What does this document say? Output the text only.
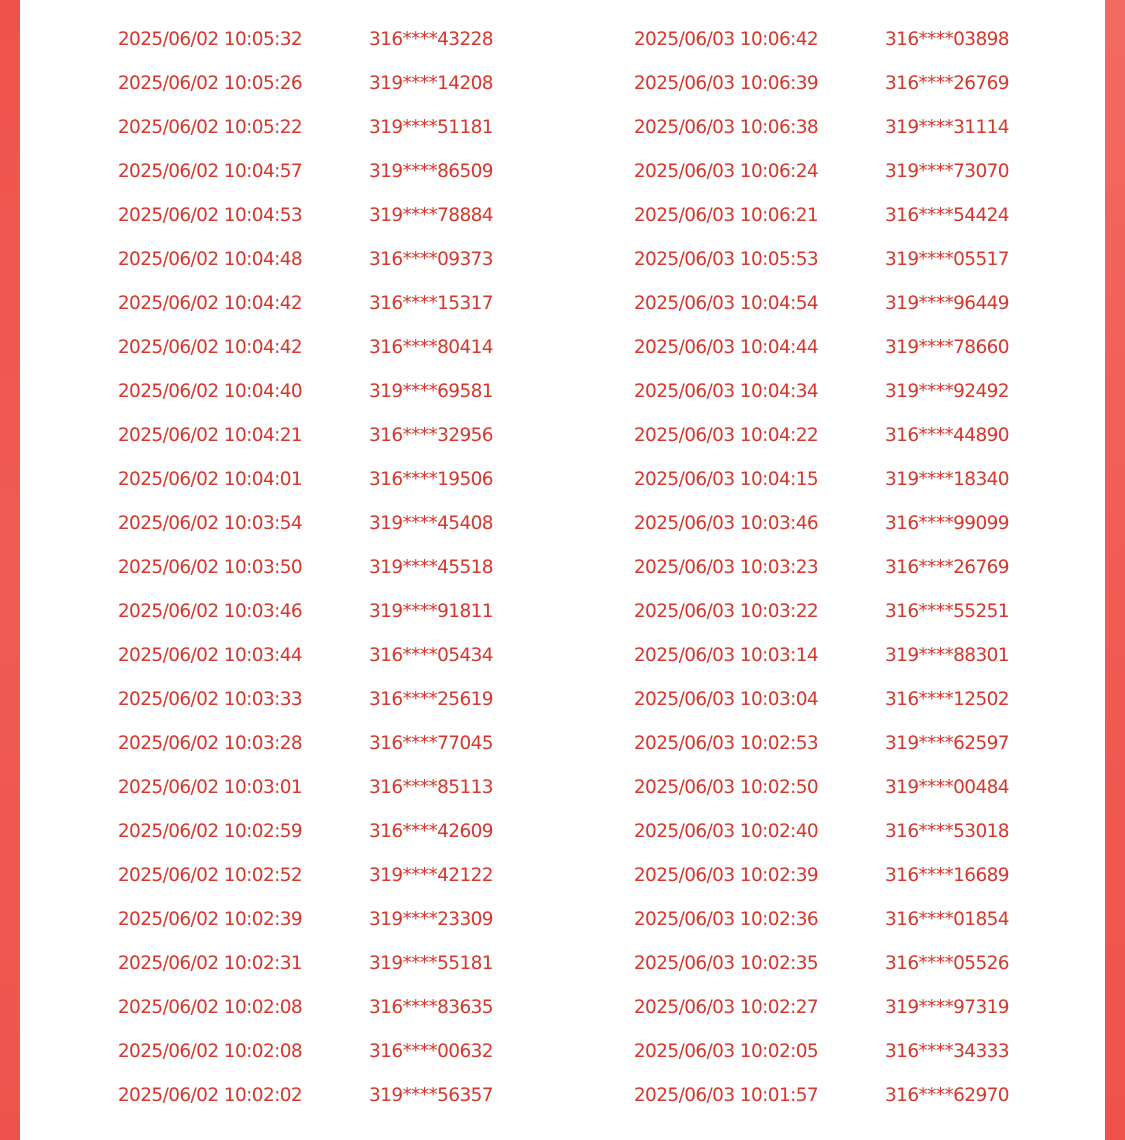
2025/06/02 10:05:32	316****43228
2025/06/02 10:05:26	319****14208
2025/06/02 10:05:22	319****51181
2025/06/02 10:04:57	319****86509
2025/06/02 10:04:53	319****78884
2025/06/02 10:04:48	316****09373
2025/06/02 10:04:42	316****15317
2025/06/02 10:04:42	316****80414
2025/06/02 10:04:40	319****69581
2025/06/02 10:04:21	316****32956
2025/06/02 10:04:01	316****19506
2025/06/02 10:03:54	319****45408
2025/06/02 10:03:50	319****45518
2025/06/02 10:03:46	319****91811
2025/06/02 10:03:44	316****05434
2025/06/02 10:03:33	316****25619
2025/06/02 10:03:28	316****77045
2025/06/02 10:03:01	316****85113
2025/06/02 10:02:59	316****42609
2025/06/02 10:02:52	319****42122
2025/06/02 10:02:39	319****23309
2025/06/02 10:02:31	319****55181
2025/06/02 10:02:08	316****83635
2025/06/02 10:02:08	316****00632
2025/06/02 10:02:02	319****56357
2025/06/03 10:06:42	316****03898
2025/06/03 10:06:39	316****26769
2025/06/03 10:06:38	319****31114
2025/06/03 10:06:24	319****73070
2025/06/03 10:06:21	316****54424
2025/06/03 10:05:53	319****05517
2025/06/03 10:04:54	319****96449
2025/06/03 10:04:44	319****78660
2025/06/03 10:04:34	319****92492
2025/06/03 10:04:22	316****44890
2025/06/03 10:04:15	319****18340
2025/06/03 10:03:46	316****99099
2025/06/03 10:03:23	316****26769
2025/06/03 10:03:22	316****55251
2025/06/03 10:03:14	319****88301
2025/06/03 10:03:04	316****12502
2025/06/03 10:02:53	319****62597
2025/06/03 10:02:50	319****00484
2025/06/03 10:02:40	316****53018
2025/06/03 10:02:39	316****16689
2025/06/03 10:02:36	316****01854
2025/06/03 10:02:35	316****05526
2025/06/03 10:02:27	319****97319
2025/06/03 10:02:05	316****34333
2025/06/03 10:01:57	316****62970
